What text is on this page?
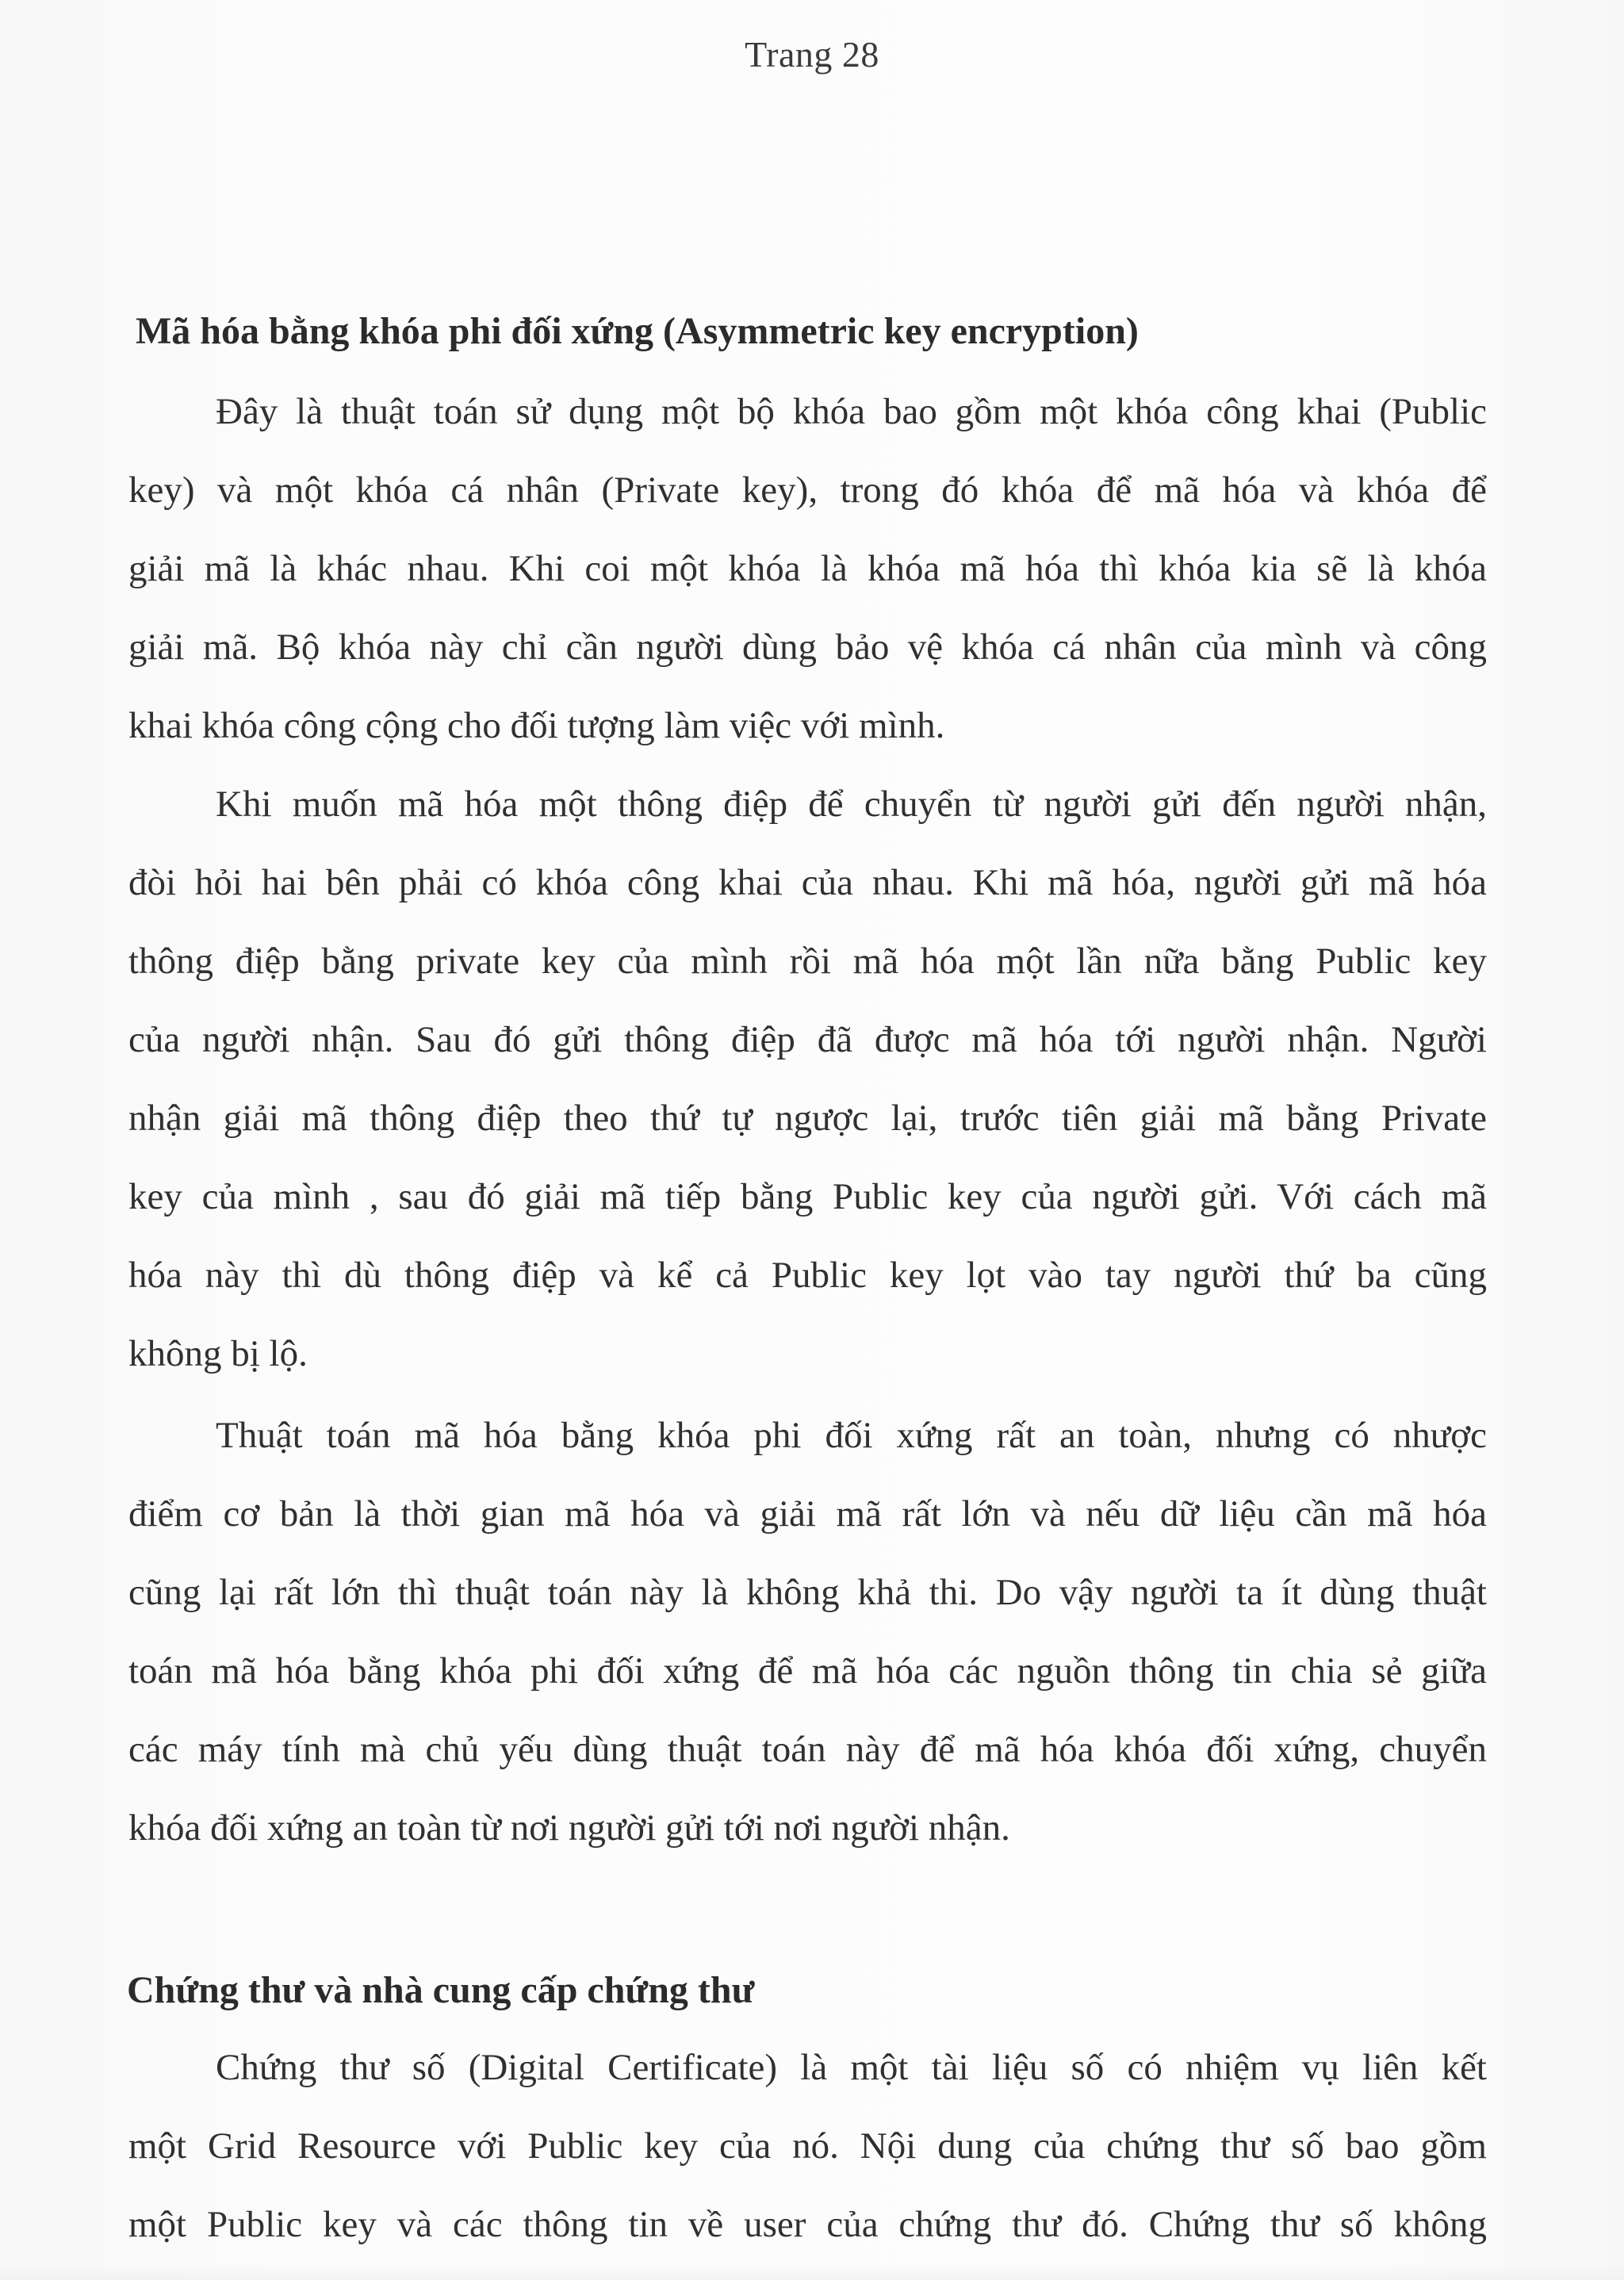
Trang 28
Mã hóa bằng khóa phi đối xứng (Asymmetric key encryption)
Đây là thuật toán sử dụng một bộ khóa bao gồm một khóa công khai (Public
key) và một khóa cá nhân (Private key), trong đó khóa để mã hóa và khóa để
giải mã là khác nhau. Khi coi một khóa là khóa mã hóa thì khóa kia sẽ là khóa
giải mã. Bộ khóa này chỉ cần người dùng bảo vệ khóa cá nhân của mình và công
khai khóa công cộng cho đối tượng làm việc với mình.
Khi muốn mã hóa một thông điệp để chuyển từ người gửi đến người nhận,
đòi hỏi hai bên phải có khóa công khai của nhau. Khi mã hóa, người gửi mã hóa
thông điệp bằng private key của mình rồi mã hóa một lần nữa bằng Public key
của người nhận. Sau đó gửi thông điệp đã được mã hóa tới người nhận. Người
nhận giải mã thông điệp theo thứ tự ngược lại, trước tiên giải mã bằng Private
key của mình , sau đó giải mã tiếp bằng Public key của người gửi. Với cách mã
hóa này thì dù thông điệp và kể cả Public key lọt vào tay người thứ ba cũng
không bị lộ.
Thuật toán mã hóa bằng khóa phi đối xứng rất an toàn, nhưng có nhược
điểm cơ bản là thời gian mã hóa và giải mã rất lớn và nếu dữ liệu cần mã hóa
cũng lại rất lớn thì thuật toán này là không khả thi. Do vậy người ta ít dùng thuật
toán mã hóa bằng khóa phi đối xứng để mã hóa các nguồn thông tin chia sẻ giữa
các máy tính mà chủ yếu dùng thuật toán này để mã hóa khóa đối xứng, chuyển
khóa đối xứng an toàn từ nơi người gửi tới nơi người nhận.
Chứng thư và nhà cung cấp chứng thư
Chứng thư số (Digital Certificate) là một tài liệu số có nhiệm vụ liên kết
một Grid Resource với Public key của nó. Nội dung của chứng thư số bao gồm
một Public key và các thông tin về user của chứng thư đó. Chứng thư số không
